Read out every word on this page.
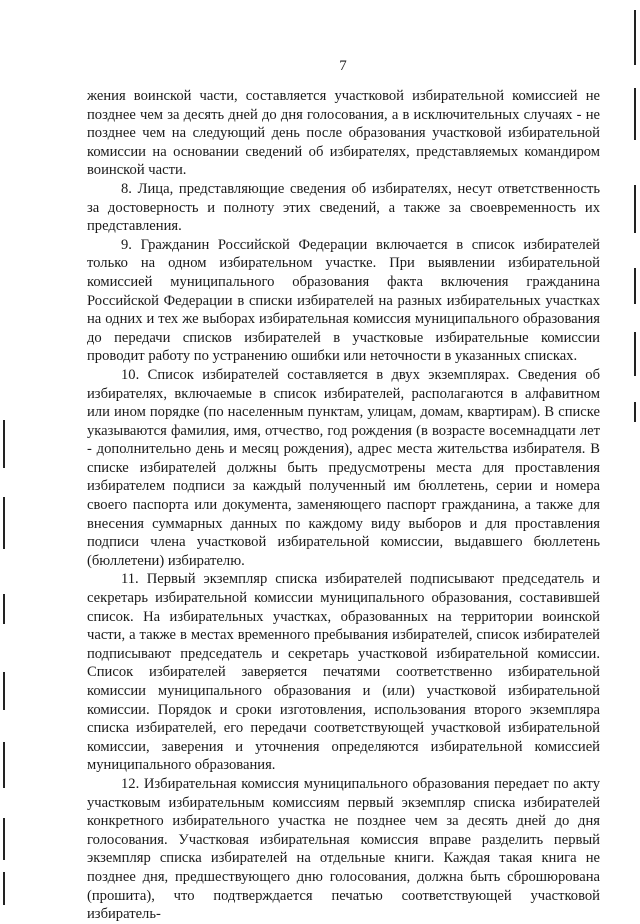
7

жения воинской части, составляется участковой избирательной комиссией не позднее чем за десять дней до дня голосования, а в исключительных случаях - не позднее чем на следующий день после образования участковой избирательной комиссии на основании сведений об избирателях, представляемых командиром воинской части.

8. Лица, представляющие сведения об избирателях, несут ответственность за достоверность и полноту этих сведений, а также за своевременность их представления.

9. Гражданин Российской Федерации включается в список избирателей только на одном избирательном участке. При выявлении избирательной комиссией муниципального образования факта включения гражданина Российской Федерации в списки избирателей на разных избирательных участках на одних и тех же выборах избирательная комиссия муниципального образования до передачи списков избирателей в участковые избирательные комиссии проводит работу по устранению ошибки или неточности в указанных списках.

10. Список избирателей составляется в двух экземплярах. Сведения об избирателях, включаемые в список избирателей, располагаются в алфавитном или ином порядке (по населенным пунктам, улицам, домам, квартирам). В списке указываются фамилия, имя, отчество, год рождения (в возрасте восемнадцати лет - дополнительно день и месяц рождения), адрес места жительства избирателя. В списке избирателей должны быть предусмотрены места для проставления избирателем подписи за каждый полученный им бюллетень, серии и номера своего паспорта или документа, заменяющего паспорт гражданина, а также для внесения суммарных данных по каждому виду выборов и для проставления подписи члена участковой избирательной комиссии, выдавшего бюллетень (бюллетени) избирателю.

11. Первый экземпляр списка избирателей подписывают председатель и секретарь избирательной комиссии муниципального образования, составившей список. На избирательных участках, образованных на территории воинской части, а также в местах временного пребывания избирателей, список избирателей подписывают председатель и секретарь участковой избирательной комиссии. Список избирателей заверяется печатями соответственно избирательной комиссии муниципального образования и (или) участковой избирательной комиссии. Порядок и сроки изготовления, использования второго экземпляра списка избирателей, его передачи соответствующей участковой избирательной комиссии, заверения и уточнения определяются избирательной комиссией муниципального образования.

12. Избирательная комиссия муниципального образования передает по акту участковым избирательным комиссиям первый экземпляр списка избирателей конкретного избирательного участка не позднее чем за десять дней до дня голосования. Участковая избирательная комиссия вправе разделить первый экземпляр списка избирателей на отдельные книги. Каждая такая книга не позднее дня, предшествующего дню голосования, должна быть сброшюрована (прошита), что подтверждается печатью соответствующей участковой избиратель-
